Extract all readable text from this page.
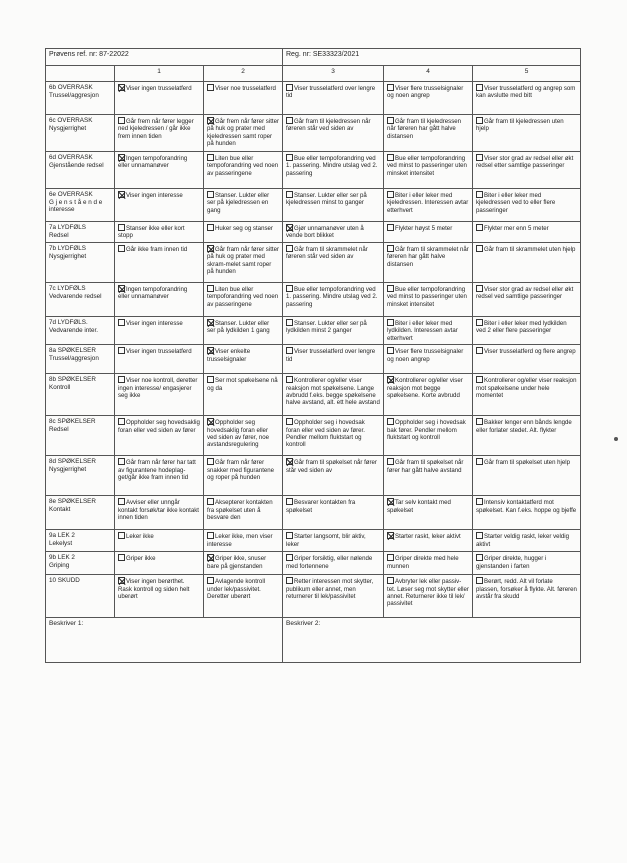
Prøvens ref. nr: 87-22022			Reg. nr: SE33323/2021		
	1	2	3	4	5
6b OVERRASK
Trussel/aggresjon	Viser ingen trusselatferd	Viser noe trusselatferd	Viser trusselatferd over lengre tid	Viser flere trusselsignaler og noen angrep	Viser trusselatferd og angrep som kan avslutte med bitt
6c OVERRASK
Nysgjerrighet	Går frem når fører legger ned kjeledressen / går ikke frem innen tiden	Går frem når fører sitter på huk og prater med kjeledressen samt roper på hunden	Går fram til kjeledressen når føreren står ved siden av	Går fram til kjeledressen når føreren har gått halve distansen	Går fram til kjeledressen uten hjelp
6d OVERRASK
Gjenstående redsel	Ingen tempoforandring eller unnamanøver	Liten bue eller tempoforandring ved noen av passeringene	Bue eller tempoforandring ved 1. passering. Mindre utslag ved 2. passering	Bue eller tempoforandring ved minst to passeringer uten minsket intensitet	Viser stor grad av redsel eller økt redsel etter samtlige passeringer
6e OVERRASK
G j e n s t å e n d e
interesse	Viser ingen interesse	Stanser. Lukter eller ser på kjeledressen en gang	Stanser. Lukter eller ser på kjeledressen minst to ganger	Biter i eller leker med kjeledressen. Interessen avtar etterhvert	Biter i eller leker med kjeledressen ved to eller flere passeringer
7a LYDFØLS
Redsel	Stanser ikke eller kort stopp	Huker seg og stanser	Gjør unnamanøver uten å vende bort blikket	Flykter høyst 5 meter	Flykter mer enn 5 meter
7b LYDFØLS
Nysgjerrighet	Går ikke fram innen tid	Går fram når fører sitter på huk og prater med skram-melet samt roper på hunden	Går fram til skrammelet når føreren står ved siden av	Går fram til skrammelet når føreren har gått halve distansen	Går fram til skrammelet uten hjelp
7c LYDFØLS
Vedvarende redsel	Ingen tempoforandring eller unnamanøver	Liten bue eller tempoforandring ved noen av passeringene	Bue eller tempoforandring ved 1. passering. Mindre utslag ved 2. passering	Bue eller tempoforandring ved minst to passeringer uten minsket intensitet	Viser stor grad av redsel eller økt redsel ved samtlige passeringer
7d LYDFØLS.
Vedvarende inter.	Viser ingen interesse	Stanser. Lukter eller ser på lydkilden 1 gang	Stanser. Lukter eller ser på lydkilden minst 2 ganger	Biter i eller leker med lydkilden. Interessen avtar etterhvert	Biter i eller leker med lydkilden ved 2 eller flere passeringer
8a SPØKELSER
Trussel/aggresjon	Viser ingen trusselatferd	Viser enkelte trusselsignaler	Viser trusselatferd over lengre tid	Viser flere trusselsignaler og noen angrep	Viser trusselatferd og flere angrep
8b SPØKELSER
Kontroll	Viser noe kontroll, deretter ingen interesse/ engasjerer seg ikke	Ser mot spøkelsene nå og da	Kontrollerer og/eller viser reaksjon mot spøkelsene. Lange avbrudd f.eks. begge spøkelsene halve avstand, alt. ett hele avstand	Kontrollerer og/eller viser reaksjon mot begge spøkelsene. Korte avbrudd	Kontrollerer og/eller viser reaksjon mot spøkelsene under hele momentet
8c SPØKELSER
Redsel	Oppholder seg hovedsaklig foran eller ved siden av fører	Oppholder seg hovedsaklig foran eller ved siden av fører, noe avstandsregulering	Oppholder seg i hovedsak foran eller ved siden av fører. Pendler mellom fluktstart og kontroll	Oppholder seg i hovedsak bak fører. Pendler mellom fluktstart og kontroll	Bakker lenger enn bånds lengde eller forlater stedet. Alt. flykter
8d SPØKELSER
Nysgjerrighet	Går fram når fører har tatt av figurantene hodeplag-get/går ikke fram innen tid	Går fram når fører snakker med figurantene og roper på hunden	Går fram til spøkelset når fører står ved siden av	Går fram til spøkelset når fører har gått halve avstand	Går fram til spøkelset uten hjelp
8e SPØKELSER
Kontakt	Avviser eller unngår kontakt forsøk/tar ikke kontakt innen tiden	Aksepterer kontakten fra spøkelset uten å besvare den	Besvarer kontakten fra spøkelset	Tar selv kontakt med spøkelset	Intensiv kontaktatferd mot spøkelset. Kan f.eks. hoppe og bjeffe
9a LEK 2
Lekelyst	Leker ikke	Leker ikke, men viser interesse	Starter langsomt, blir aktiv, leker	Starter raskt, leker aktivt	Starter veldig raskt, leker veldig aktivt
9b LEK 2
Griping	Griper ikke	Griper ikke, snuser bare på gjenstanden	Griper forsiktig, eller nølende med fortennene	Griper direkte med hele munnen	Griper direkte, hugger i gjenstanden i farten
10 SKUDD	Viser ingen berørthet. Rask kontroll og siden helt uberørt	Avlagende kontroll under lek/passivitet. Deretter uberørt	Retter interessen mot skytter, publikum eller annet, men returnerer til lek/passivitet	Avbryter lek eller passiv-tet. Løser seg mot skytter eller annet. Returnerer ikke til lek/ passivitet	Berørt, redd. Alt vil forlate plassen, forsøker å flykte. Alt. føreren avstår fra skudd
Beskriver 1:			Beskriver 2:		
